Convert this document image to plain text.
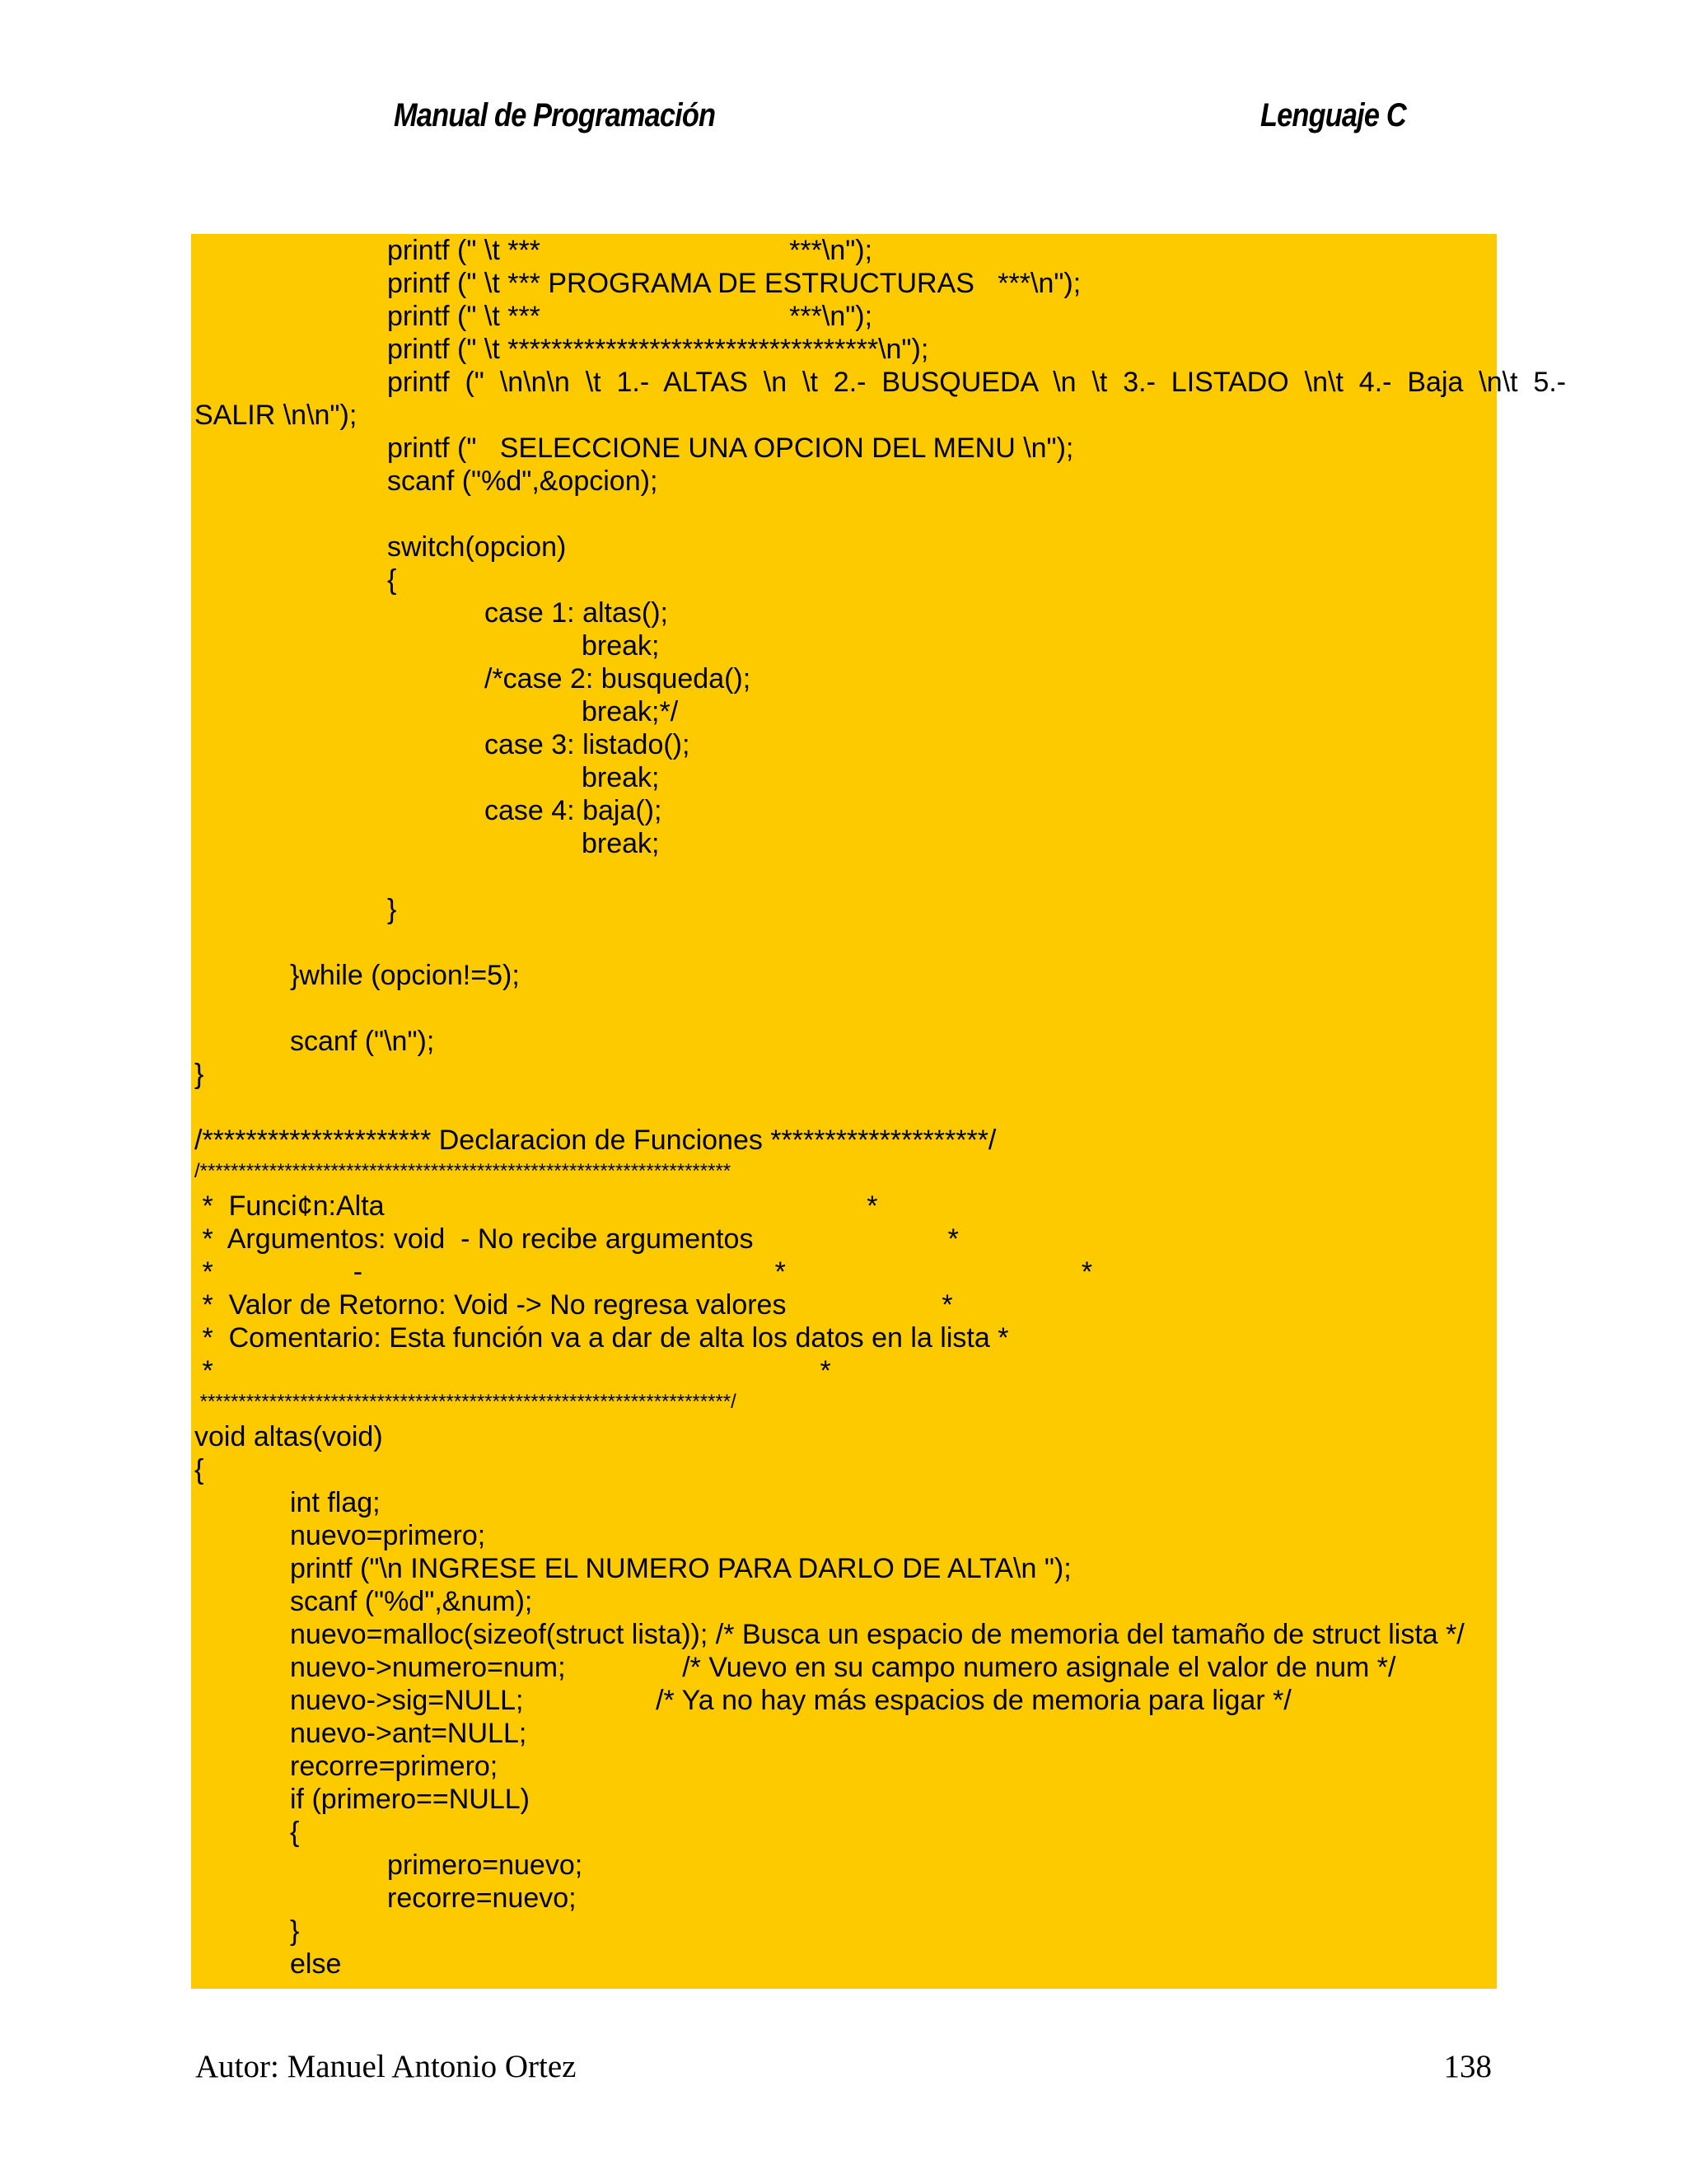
Manual de Programación	Lenguaje C
printf (" \t ***                                ***\n");
printf (" \t *** PROGRAMA DE ESTRUCTURAS   ***\n");
printf (" \t ***                                ***\n");
printf (" \t **********************************\n");
printf  ("  \n\n\n  \t  1.-  ALTAS  \n  \t  2.-  BUSQUEDA  \n  \t  3.-  LISTADO  \n\t  4.-  Baja  \n\t  5.-
SALIR \n\n");
printf ("   SELECCIONE UNA OPCION DEL MENU \n");
scanf ("%d",&opcion);
switch(opcion)
{
case 1: altas();
break;
/*case 2: busqueda();
break;*/
case 3: listado();
break;
case 4: baja();
break;
}
}while (opcion!=5);
scanf ("\n");
}
/********************* Declaracion de Funciones ********************/
/*********************************************************************
*  Funci¢n:Alta                                                              *
*  Argumentos: void  - No recibe argumentos                         *
*                  -                                                     *                                      *
*  Valor de Retorno: Void -> No regresa valores                    *
*  Comentario: Esta función va a dar de alta los datos en la lista *
*                                                                              *
*********************************************************************/
void altas(void)
{
int flag;
nuevo=primero;
printf ("\n INGRESE EL NUMERO PARA DARLO DE ALTA\n ");
scanf ("%d",&num);
nuevo=malloc(sizeof(struct lista)); /* Busca un espacio de memoria del tamaño de struct lista */
nuevo->numero=num;               /* Vuevo en su campo numero asignale el valor de num */
nuevo->sig=NULL;                 /* Ya no hay más espacios de memoria para ligar */
nuevo->ant=NULL;
recorre=primero;
if (primero==NULL)
{
primero=nuevo;
recorre=nuevo;
}
else
Autor: Manuel Antonio Ortez	138
